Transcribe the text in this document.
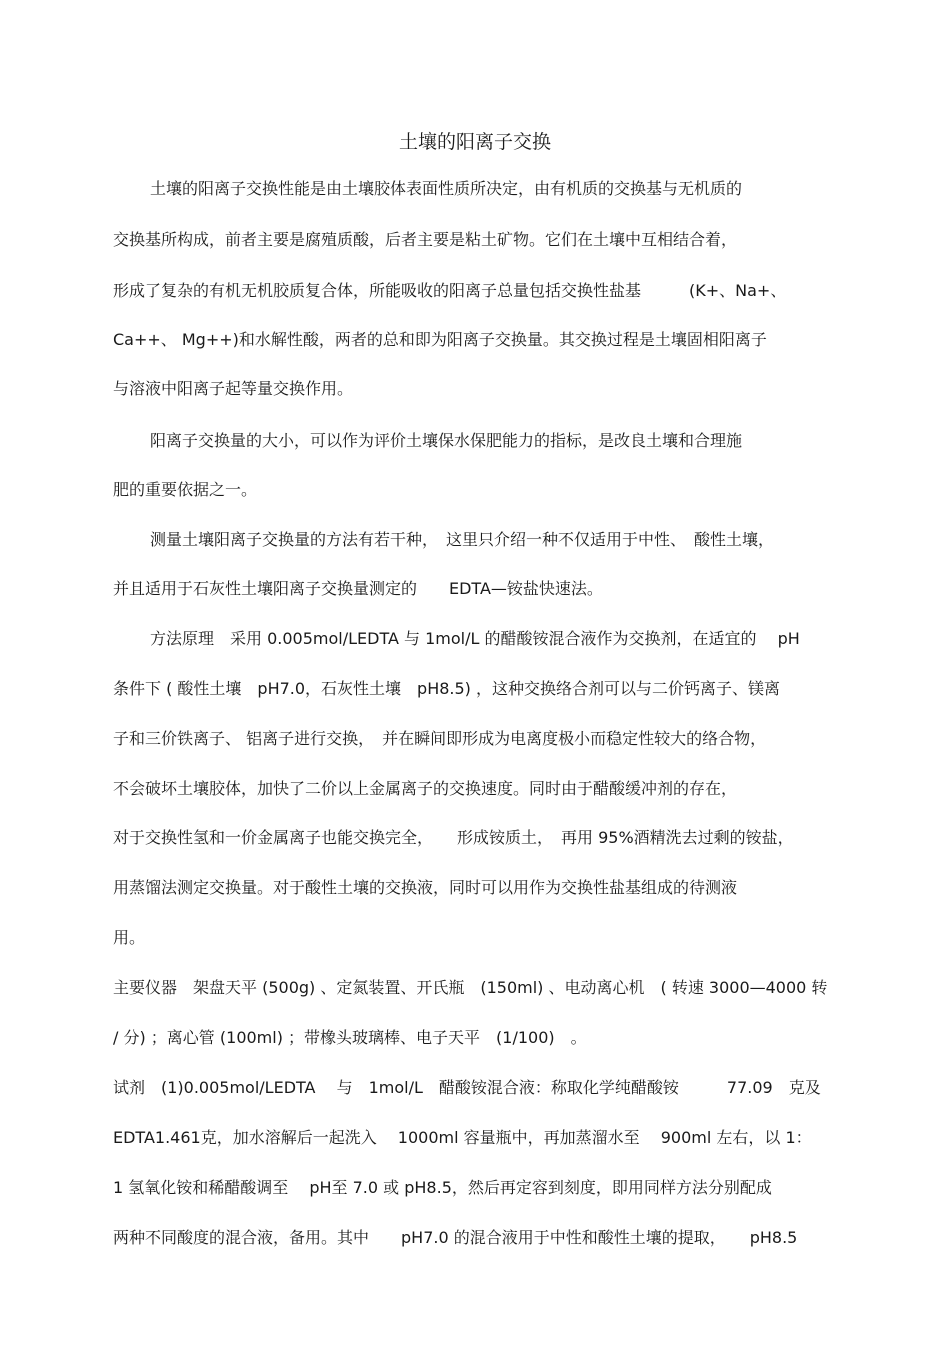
土壤的阳离子交换
土壤的阳离子交换性能是由土壤胶体表面性质所决定，由有机质的交换基与无机质的
交换基所构成，前者主要是腐殖质酸，后者主要是粘土矿物。它们在土壤中互相结合着，
形成了复杂的有机无机胶质复合体，所能吸收的阳离子总量包括交换性盐基　　　(K+、Na+、
Ca++、 Mg++)和水解性酸，两者的总和即为阳离子交换量。其交换过程是土壤固相阳离子
与溶液中阳离子起等量交换作用。
阳离子交换量的大小，可以作为评价土壤保水保肥能力的指标，是改良土壤和合理施
肥的重要依据之一。
测量土壤阳离子交换量的方法有若干种，　这里只介绍一种不仅适用于中性、　酸性土壤，
并且适用于石灰性土壤阳离子交换量测定的　　EDTA—铵盐快速法。
方法原理　采用 0.005mol/LEDTA 与 1mol/L 的醋酸铵混合液作为交换剂，在适宜的　 pH
条件下 ( 酸性土壤　pH7.0，石灰性土壤　pH8.5) ，这种交换络合剂可以与二价钙离子、镁离
子和三价铁离子、 铝离子进行交换，　并在瞬间即形成为电离度极小而稳定性较大的络合物，
不会破坏土壤胶体，加快了二价以上金属离子的交换速度。同时由于醋酸缓冲剂的存在，
对于交换性氢和一价金属离子也能交换完全，　　形成铵质土，　再用 95%酒精洗去过剩的铵盐，
用蒸馏法测定交换量。对于酸性土壤的交换液，同时可以用作为交换性盐基组成的待测液
用。
主要仪器　架盘天平 (500g) 、定氮装置、开氏瓶　(150ml) 、电动离心机　( 转速 3000—4000 转
/ 分) ；离心管 (100ml) ；带橡头玻璃棒、电子天平　(1/100)　。
试剂　(1)0.005mol/LEDTA　 与　1mol/L　醋酸铵混合液：称取化学纯醋酸铵　　　77.09　克及
EDTA1.461克，加水溶解后一起洗入　 1000ml 容量瓶中，再加蒸溜水至　 900ml 左右，以 1：
1 氢氧化铵和稀醋酸调至　 pH至 7.0 或 pH8.5，然后再定容到刻度，即用同样方法分别配成
两种不同酸度的混合液，备用。其中　　pH7.0 的混合液用于中性和酸性土壤的提取，　　pH8.5
